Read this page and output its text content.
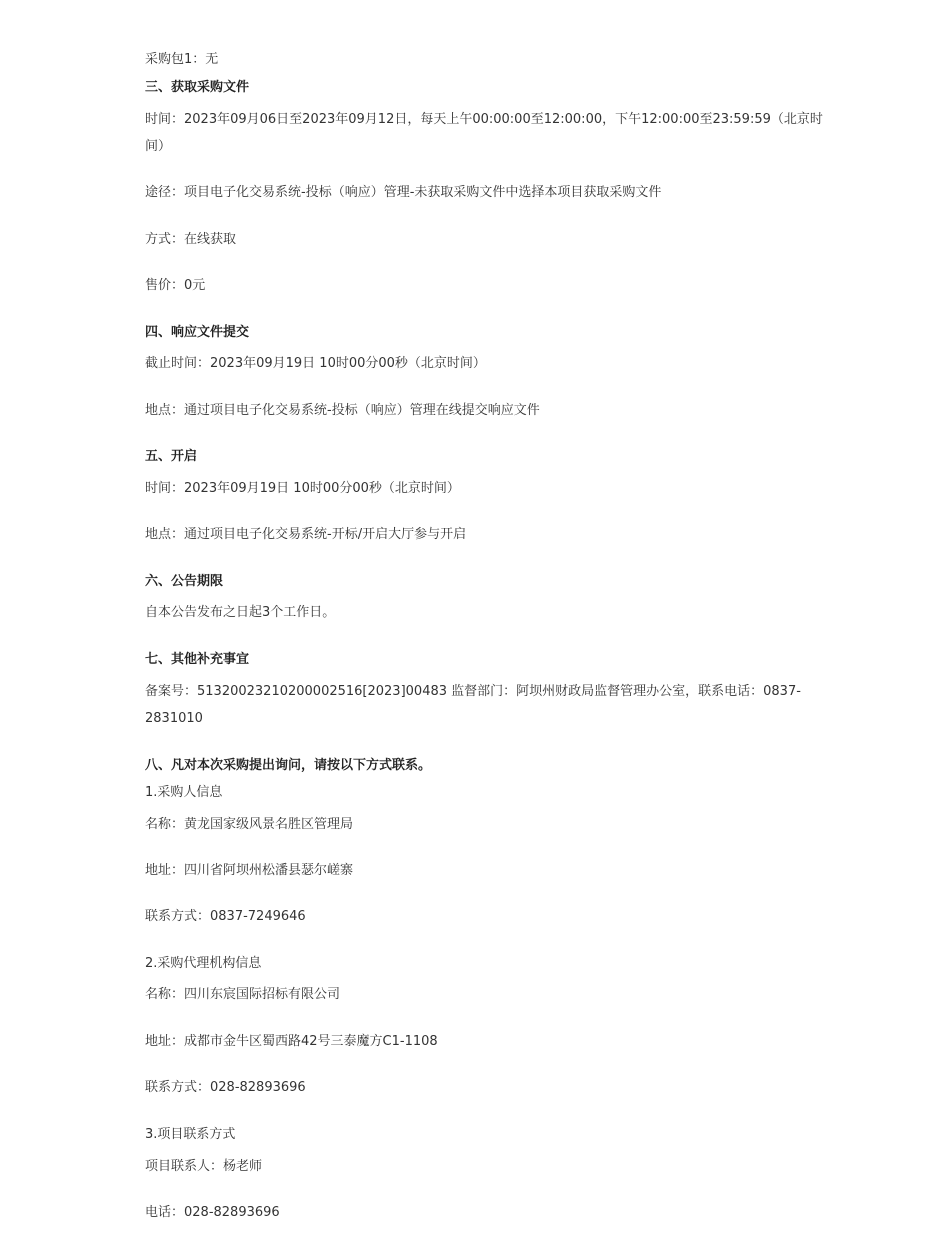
采购包1：无
三、获取采购文件
时间：2023年09月06日至2023年09月12日，每天上午00:00:00至12:00:00，下午12:00:00至23:59:59（北京时间）
途径：项目电子化交易系统-投标（响应）管理-未获取采购文件中选择本项目获取采购文件
方式：在线获取
售价：0元
四、响应文件提交
截止时间：2023年09月19日 10时00分00秒（北京时间）
地点：通过项目电子化交易系统-投标（响应）管理在线提交响应文件
五、开启
时间：2023年09月19日 10时00分00秒（北京时间）
地点：通过项目电子化交易系统-开标/开启大厅参与开启
六、公告期限
自本公告发布之日起3个工作日。
七、其他补充事宜
备案号：51320023210200002516[2023]00483 监督部门：阿坝州财政局监督管理办公室，联系电话：0837-2831010
八、凡对本次采购提出询问，请按以下方式联系。
1.采购人信息
名称：黄龙国家级风景名胜区管理局
地址：四川省阿坝州松潘县瑟尔嵯寨
联系方式：0837-7249646
2.采购代理机构信息
名称：四川东宸国际招标有限公司
地址：成都市金牛区蜀西路42号三泰魔方C1-1108
联系方式：028-82893696
3.项目联系方式
项目联系人：杨老师
电话：028-82893696
